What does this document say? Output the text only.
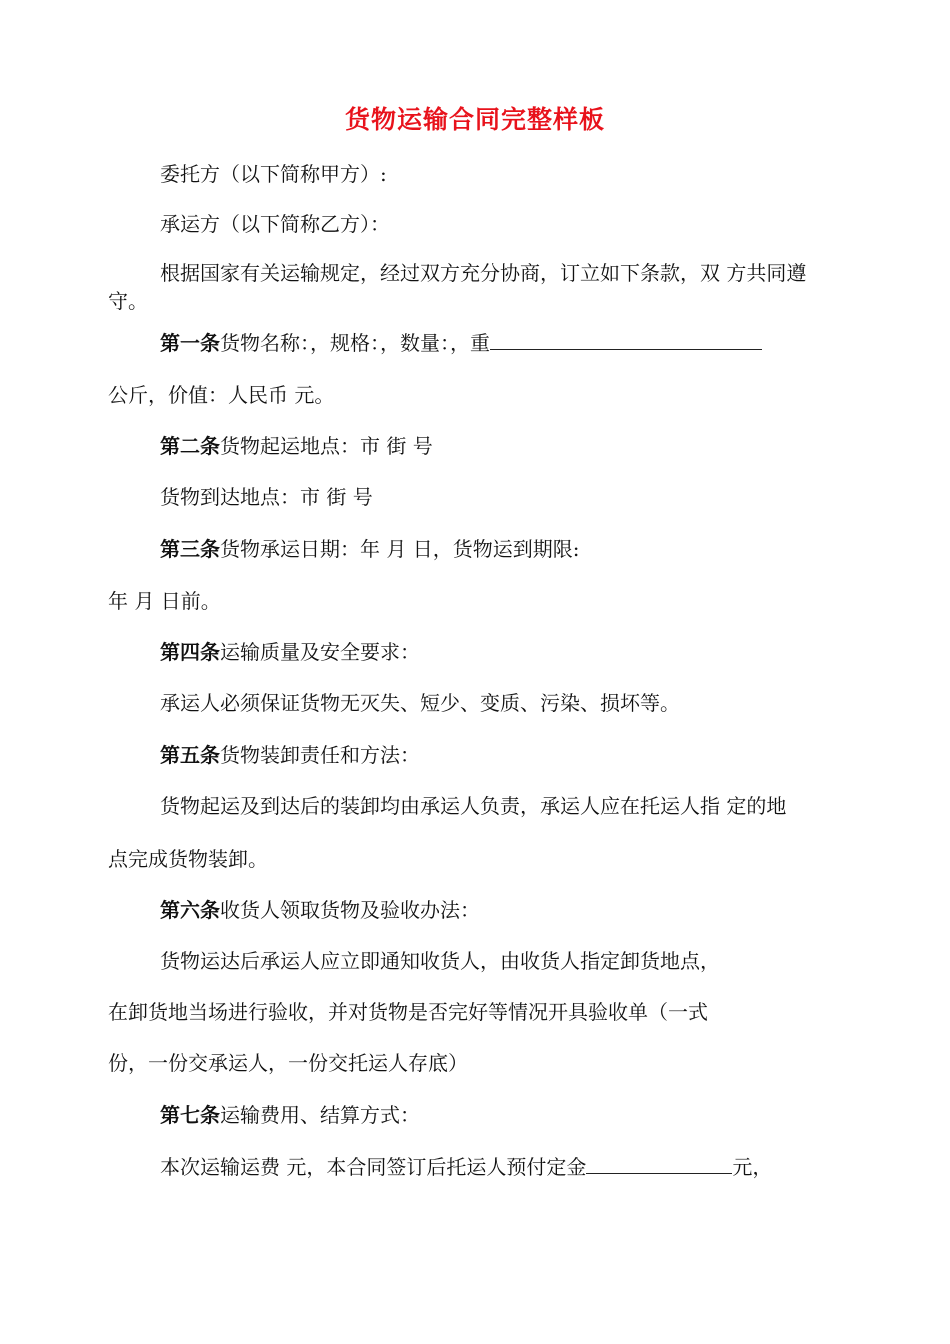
货物运输合同完整样板
委托方（以下简称甲方）:
承运方（以下简称乙方）：
根据国家有关运输规定，经过双方充分协商，订立如下条款，双 方共同遵守。
第一条货物名称：，规格：，数量：，重
公斤，价值：人民币 元。
第二条货物起运地点：市 街 号
货物到达地点：市 街 号
第三条货物承运日期：年 月 日，货物运到期限:
年 月 日前。
第四条运输质量及安全要求：
承运人必须保证货物无灭失、短少、变质、污染、损坏等。
第五条货物装卸责任和方法：
货物起运及到达后的装卸均由承运人负责，承运人应在托运人指 定的地
点完成货物装卸。
第六条收货人领取货物及验收办法：
货物运达后承运人应立即通知收货人，由收货人指定卸货地点，
在卸货地当场进行验收，并对货物是否完好等情况开具验收单（一式
份，一份交承运人，一份交托运人存底）
第七条运输费用、结算方式：
本次运输运费 元，本合同签订后托运人预付定金	元，
